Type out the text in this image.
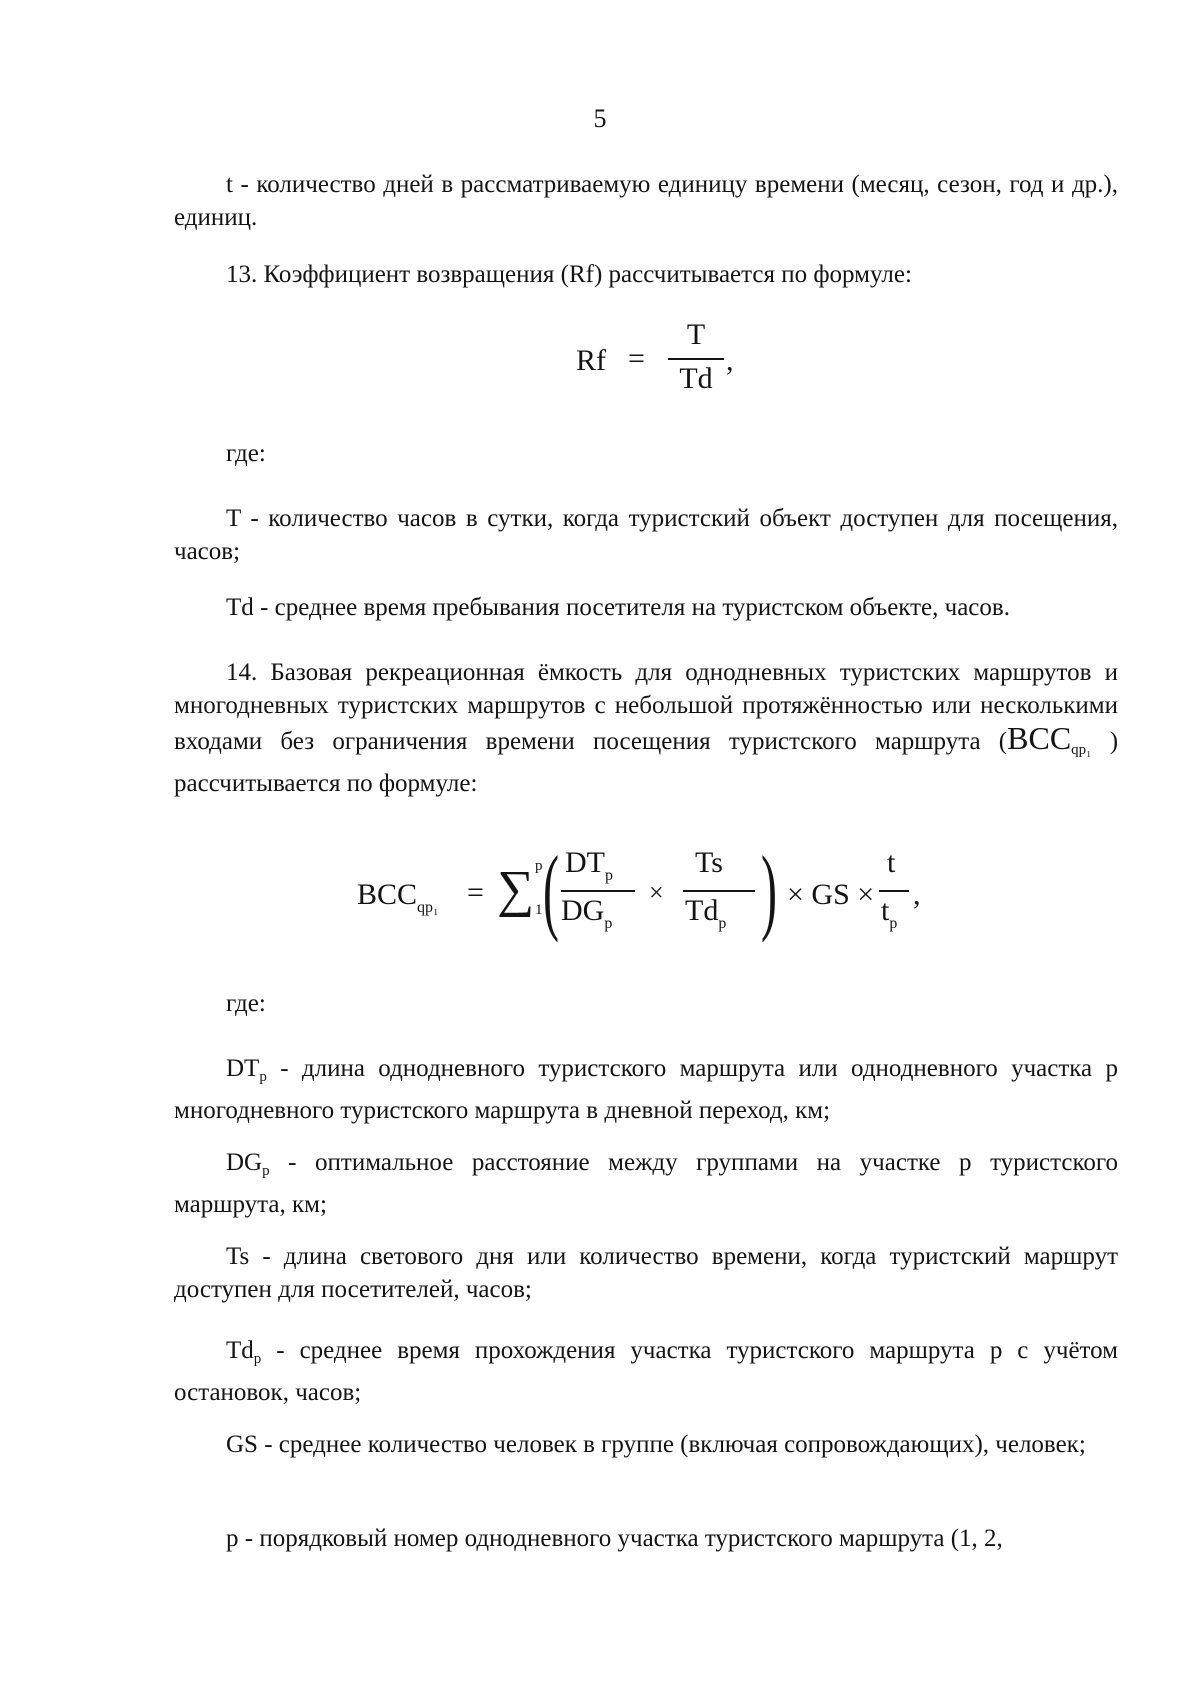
5

t - количество дней в рассматриваемую единицу времени (месяц, сезон, год и др.), единиц.

13. Коэффициент возвращения (Rf) рассчитывается по формуле:

Rf =
T
Td
,
где:

T - количество часов в сутки, когда туристский объект доступен для посещения, часов;

Td - среднее время пребывания посетителя на туристском объекте, часов.

14. Базовая рекреационная ёмкость для однодневных туристских маршрутов и многодневных туристских маршрутов с небольшой протяжённостью или несколькими входами без ограничения времени посещения туристского маршрута ($BCC_{qp_1}$ ) рассчитывается по формуле:

$BCC_{qp_1}$ = ∑ p
1 ( $DT_p$
$DG_p$
×
Ts
$Td_p$ ) × GS ×
t
$t_p$
,
где:

$DT_p$ - длина однодневного туристского маршрута или однодневного участка p многодневного туристского маршрута в дневной переход, км;

$DG_p$ - оптимальное расстояние между группами на участке p туристского маршрута, км;

Ts - длина светового дня или количество времени, когда туристский маршрут доступен для посетителей, часов;

$Td_p$ - среднее время прохождения участка туристского маршрута p с учётом остановок, часов;

GS - среднее количество человек в группе (включая сопровождающих), человек;

p - порядковый номер однодневного участка туристского маршрута (1, 2,
